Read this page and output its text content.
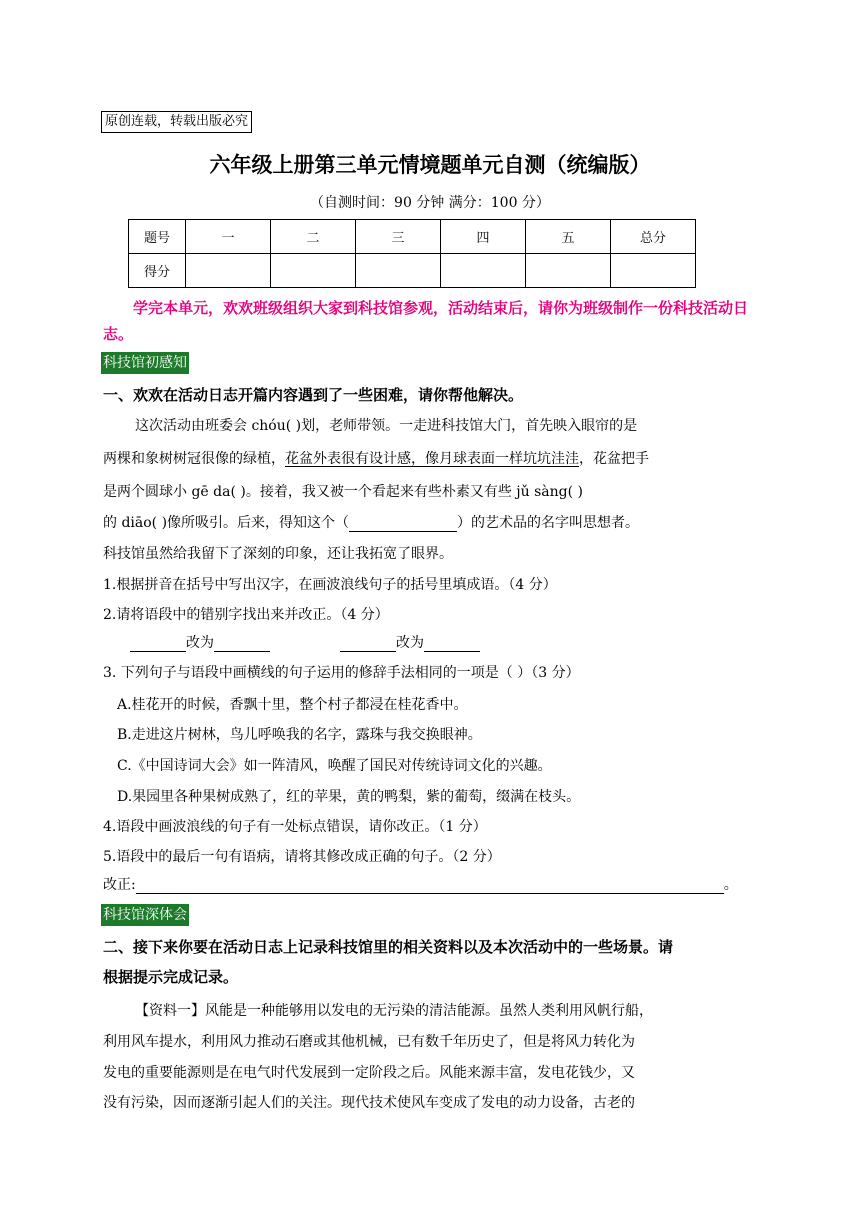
原创连载，转载出版必究
六年级上册第三单元情境题单元自测（统编版）
（自测时间：90 分钟 满分：100 分）
题号	一	二	三	四	五	总分
得分						
学完本单元，欢欢班级组织大家到科技馆参观，活动结束后，请你为班级制作一份科技活动日志。
科技馆初感知
一、欢欢在活动日志开篇内容遇到了一些困难，请你帮他解决。
这次活动由班委会 chóu( )划，老师带领。一走进科技馆大门，首先映入眼帘的是
两棵和象树树冠很像的绿植，花盆外表很有设计感，像月球表面一样坑坑洼洼，花盆把手
是两个圆球小 gē da( )。接着，我又被一个看起来有些朴素又有些 jǔ sàng( )
的 diāo( )像所吸引。后来，得知这个（	）的艺术品的名字叫思想者。
科技馆虽然给我留下了深刻的印象，还让我拓宽了眼界。
1.根据拼音在括号中写出汉字，在画波浪线句子的括号里填成语。（4 分）
2.请将语段中的错别字找出来并改正。（4 分）
改为	改为
3. 下列句子与语段中画横线的句子运用的修辞手法相同的一项是（ ）（3 分）
A.桂花开的时候，香飘十里，整个村子都浸在桂花香中。
B.走进这片树林，鸟儿呼唤我的名字，露珠与我交换眼神。
C.《中国诗词大会》如一阵清风，唤醒了国民对传统诗词文化的兴趣。
D.果园里各种果树成熟了，红的苹果，黄的鸭梨，紫的葡萄，缀满在枝头。
4.语段中画波浪线的句子有一处标点错误，请你改正。（1 分）
5.语段中的最后一句有语病，请将其修改成正确的句子。（2 分）
改正:	。
科技馆深体会
二、接下来你要在活动日志上记录科技馆里的相关资料以及本次活动中的一些场景。请
根据提示完成记录。
【资料一】风能是一种能够用以发电的无污染的清洁能源。虽然人类利用风帆行船，
利用风车提水，利用风力推动石磨或其他机械，已有数千年历史了，但是将风力转化为
发电的重要能源则是在电气时代发展到一定阶段之后。风能来源丰富，发电花钱少，又
没有污染，因而逐渐引起人们的关注。现代技术使风车变成了发电的动力设备，古老的
